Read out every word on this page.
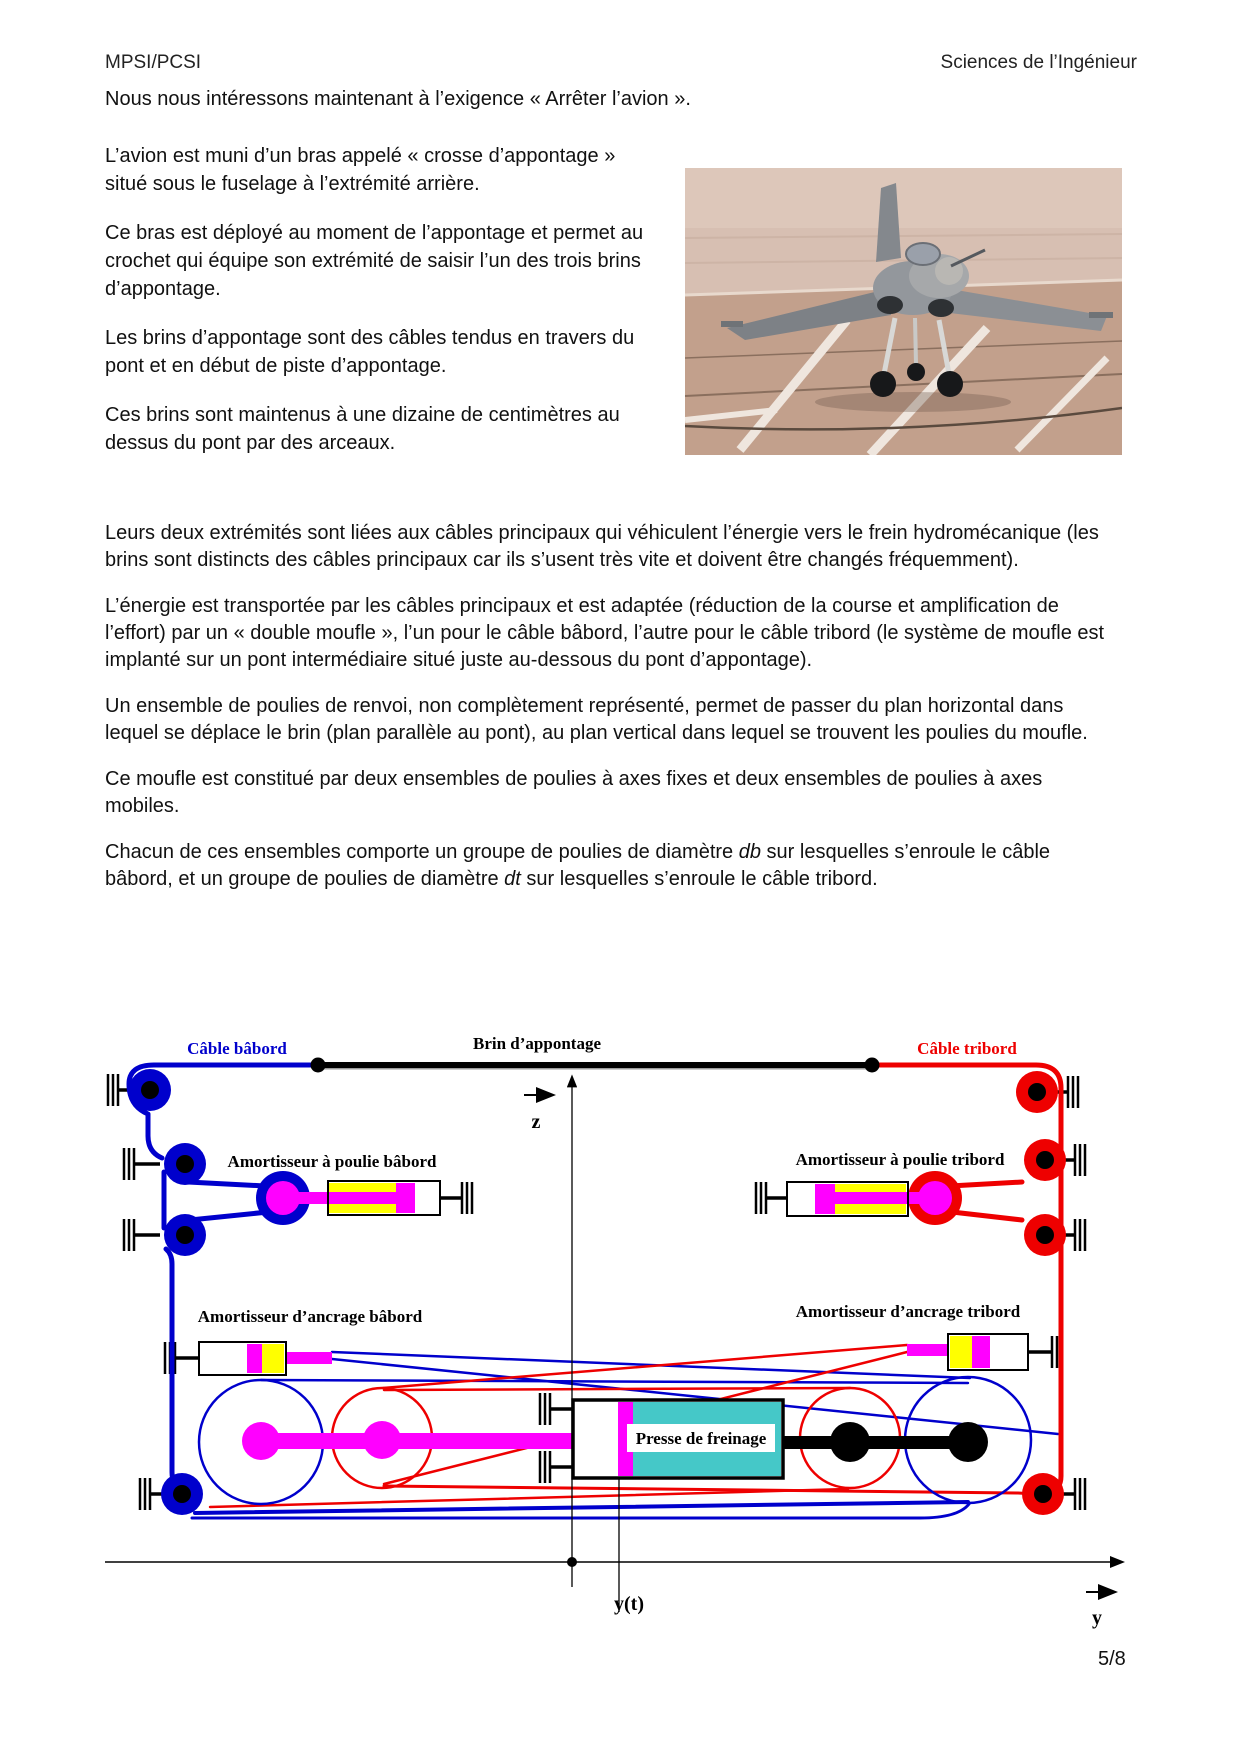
MPSI/PCSI	Sciences de l’Ingénieur
Nous nous intéressons maintenant à l’exigence « Arrêter l’avion ».

L’avion est muni d’un bras appelé « crosse d’appontage » situé sous le fuselage à l’extrémité arrière.

Ce bras est déployé au moment de l’appontage et permet au crochet qui équipe son extrémité de saisir l’un des trois brins d’appontage.

Les brins d’appontage sont des câbles tendus en travers du pont et en début de piste d’appontage.

Ces brins sont maintenus à une dizaine de centimètres au dessus du pont par des arceaux.

Leurs deux extrémités sont liées aux câbles principaux qui véhiculent l’énergie vers le frein hydromécanique (les brins sont distincts des câbles principaux car ils s’usent très vite et doivent être changés fréquemment).

L’énergie est transportée par les câbles principaux et est adaptée (réduction de la course et amplification de l’effort) par un « double moufle », l’un pour le câble bâbord, l’autre pour le câble tribord (le système de moufle est implanté sur un pont intermédiaire situé juste au-dessous du pont d’appontage).

Un ensemble de poulies de renvoi, non complètement représenté, permet de passer du plan horizontal dans lequel se déplace le brin (plan parallèle au pont), au plan vertical dans lequel se trouvent les poulies du moufle.

Ce moufle est constitué par deux ensembles de poulies à axes fixes et deux ensembles de poulies à axes mobiles.

Chacun de ces ensembles comporte un groupe de poulies de diamètre db sur lesquelles s’enroule le câble bâbord, et un groupe de poulies de diamètre dt sur lesquelles s’enroule le câble tribord.

Presse de freinage
z
y(t)
y
Câble bâbord	Brin d’appontage	Câble tribord
Amortisseur à poulie bâbord	Amortisseur à poulie tribord
Amortisseur d’ancrage bâbord	Amortisseur d’ancrage tribord
5/8
